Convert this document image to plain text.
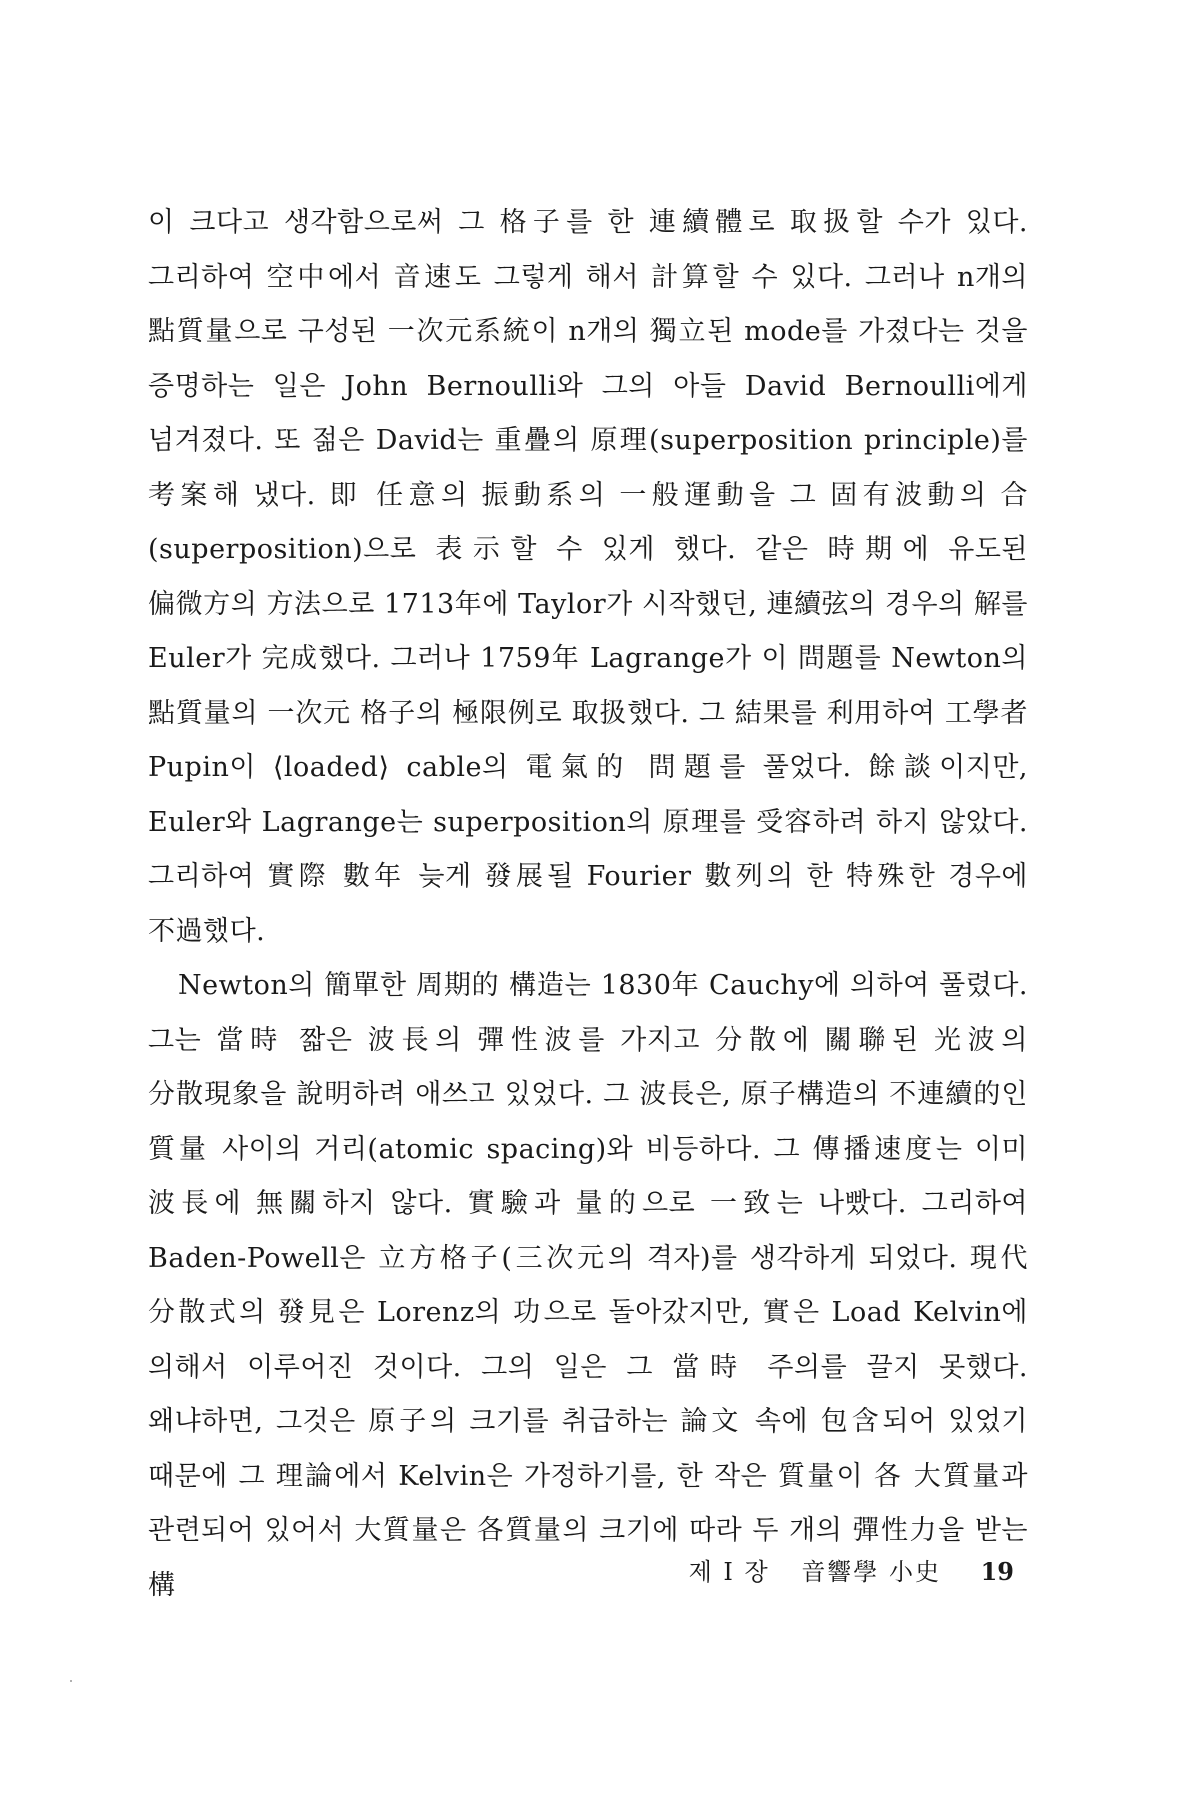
이 크다고 생각함으로써 그 格子를 한 連續體로 取扱할 수가 있다. 그리하여 空中에서 音速도 그렇게 해서 計算할 수 있다. 그러나 n개의 點質量으로 구성된 一次元系統이 n개의 獨立된 mode를 가졌다는 것을 증명하는 일은 John Bernoulli와 그의 아들 David Bernoulli에게 넘겨졌다. 또 젊은 David는 重疊의 原理(superposition principle)를 考案해 냈다. 即 任意의 振動系의 一般運動을 그 固有波動의 合(superposition)으로 表示할 수 있게 했다. 같은 時期에 유도된 偏微方의 方法으로 1713年에 Taylor가 시작했던, 連續弦의 경우의 解를 Euler가 完成했다. 그러나 1759年 Lagrange가 이 問題를 Newton의 點質量의 一次元 格子의 極限例로 取扱했다. 그 結果를 利用하여 工學者 Pupin이 ⟨loaded⟩ cable의 電氣的 問題를 풀었다. 餘談이지만, Euler와 Lagrange는 superposition의 原理를 受容하려 하지 않았다. 그리하여 實際 數年 늦게 發展될 Fourier 數列의 한 特殊한 경우에 不過했다.

Newton의 簡單한 周期的 構造는 1830年 Cauchy에 의하여 풀렸다. 그는 當時 짧은 波長의 彈性波를 가지고 分散에 關聯된 光波의 分散現象을 說明하려 애쓰고 있었다. 그 波長은, 原子構造의 不連續的인 質量 사이의 거리(atomic spacing)와 비등하다. 그 傳播速度는 이미 波長에 無關하지 않다. 實驗과 量的으로 一致는 나빴다. 그리하여 Baden-Powell은 立方格子(三次元의 격자)를 생각하게 되었다. 現代 分散式의 發見은 Lorenz의 功으로 돌아갔지만, 實은 Load Kelvin에 의해서 이루어진 것이다. 그의 일은 그 當時 주의를 끌지 못했다. 왜냐하면, 그것은 原子의 크기를 취급하는 論文 속에 包含되어 있었기 때문에 그 理論에서 Kelvin은 가정하기를, 한 작은 質量이 各 大質量과 관련되어 있어서 大質量은 各質量의 크기에 따라 두 개의 彈性力을 받는 構	제 I 장 音響學 小史 19
